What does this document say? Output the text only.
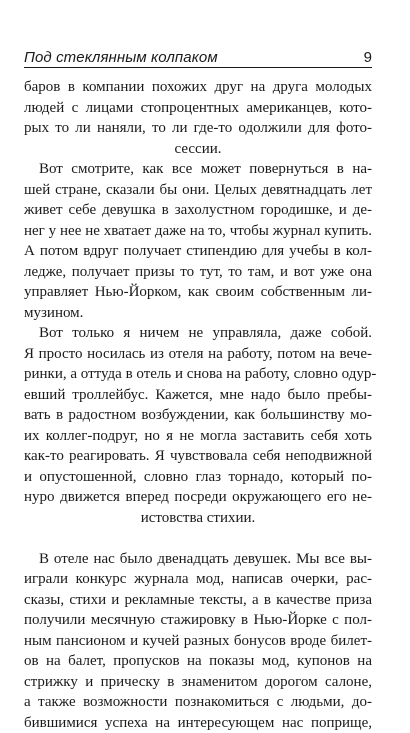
Под стеклянным колпаком	9

баров в компании похожих друг на друга молодых
людей с лицами стопроцентных американцев, кото-
рых то ли наняли, то ли где-то одолжили для фото-
сессии.

Вот смотрите, как все может повернуться в на-
шей стране, сказали бы они. Целых девятнадцать лет
живет себе девушка в захолустном городишке, и де-
нег у нее не хватает даже на то, чтобы журнал купить.
А потом вдруг получает стипендию для учебы в кол-
ледже, получает призы то тут, то там, и вот уже она
управляет Нью-Йорком, как своим собственным ли-
музином.

Вот только я ничем не управляла, даже собой.
Я просто носилась из отеля на работу, потом на вече-
ринки, а оттуда в отель и снова на работу, словно одур-
евший троллейбус. Кажется, мне надо было пребы-
вать в радостном возбуждении, как большинству мо-
их коллег-подруг, но я не могла заставить себя хоть
как-то реагировать. Я чувствовала себя неподвижной
и опустошенной, словно глаз торнадо, который по-
нуро движется вперед посреди окружающего его не-
истовства стихии.

В отеле нас было двенадцать девушек. Мы все вы-
играли конкурс журнала мод, написав очерки, рас-
сказы, стихи и рекламные тексты, а в качестве приза
получили месячную стажировку в Нью-Йорке с пол-
ным пансионом и кучей разных бонусов вроде билет-
ов на балет, пропусков на показы мод, купонов на
стрижку и прическу в знаменитом дорогом салоне,
а также возможности познакомиться с людьми, до-
бившимися успеха на интересующем нас поприще,
